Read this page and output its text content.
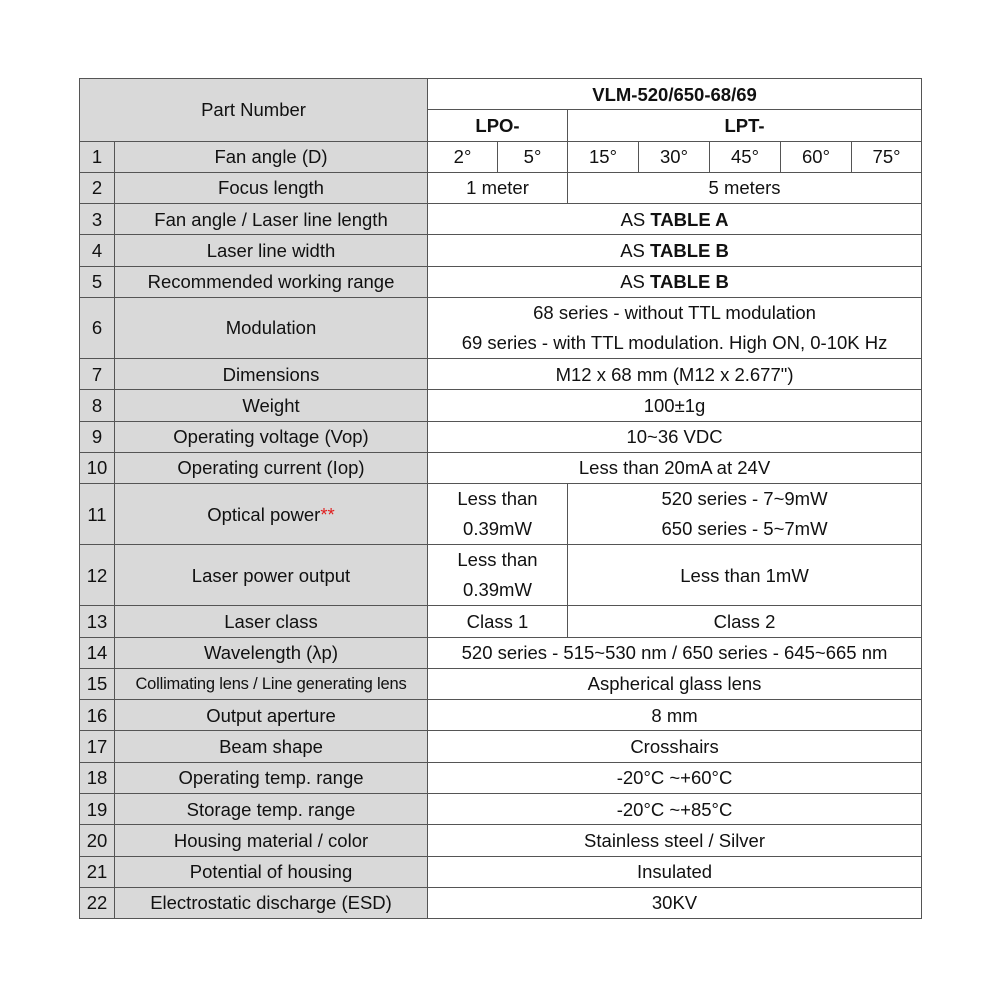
Part Number		VLM-520/650-68/69						
		LPO-		LPT-				
1	Fan angle (D)	2°	5°	15°	30°	45°	60°	75°
2	Focus length	1 meter		5 meters				
3	Fan angle / Laser line length	AS TABLE A						
4	Laser line width	AS TABLE B						
5	Recommended working range	AS TABLE B						
6	Modulation	68 series - without TTL modulation
69 series - with TTL modulation. High ON, 0-10K Hz						

7	Dimensions	M12 x 68 mm (M12 x 2.677")						
8	Weight	100±1g						
9	Operating voltage (Vop)	10~36 VDC						
10	Operating current (Iop)	Less than 20mA at 24V						
11	Optical power**	Less than
0.39mW		520 series - 7~9mW
650 series - 5~7mW				

12	Laser power output	Less than
0.39mW		Less than 1mW				
13	Laser class	Class 1		Class 2				
14	Wavelength (λp)	520 series - 515~530 nm / 650 series - 645~665 nm						
15	Collimating lens / Line generating lens	Aspherical glass lens						
16	Output aperture	8 mm						
17	Beam shape	Crosshairs						
18	Operating temp. range	-20°C ~+60°C						
19	Storage temp. range	-20°C ~+85°C						
20	Housing material / color	Stainless steel / Silver						
21	Potential of housing	Insulated						
22	Electrostatic discharge (ESD)	30KV						
